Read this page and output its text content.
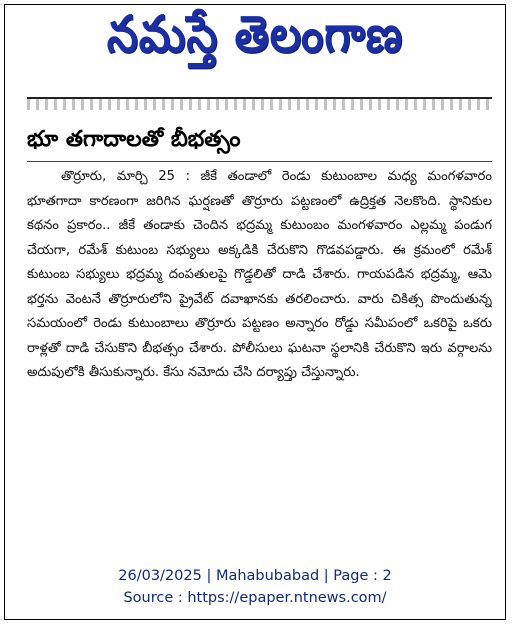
నమస్తే తెలంగాణ
భూ తగాదాలతో బీభత్సం

తొర్రూరు, మార్చి 25 : జీకే తండాలో రెండు కుటుంబాల మధ్య మంగళవారం భూతగాదా కారణంగా జరిగిన ఘర్షణతో తొర్రూరు పట్టణంలో ఉద్రిక్తత నెలకొంది. స్థానికుల కథనం ప్రకారం.. జీకే తండాకు చెందిన భద్రమ్మ కుటుంబం మంగళవారం ఎల్లమ్మ పండుగ చేయగా, రమేశ్ కుటుంబ సభ్యులు అక్కడికి చేరుకొని గొడవపడ్డారు. ఈ క్రమంలో రమేశ్ కుటుంబ సభ్యులు భద్రమ్మ దంపతులపై గొడ్డలితో దాడి చేశారు. గాయపడిన భద్రమ్మ, ఆమె భర్తను వెంటనే తొర్రూరులోని ప్రైవేట్ దవాఖానకు తరలించారు. వారు చికిత్స పొందుతున్న సమయంలో రెండు కుటుంబాలు తొర్రూరు పట్టణం అన్నారం రోడ్డు సమీపంలో ఒకరిపై ఒకరు రాళ్లతో దాడి చేసుకొని బీభత్సం చేశారు. పోలీసులు ఘటనా స్థలానికి చేరుకొని ఇరు వర్గాలను అదుపులోకి తీసుకున్నారు. కేసు నమోదు చేసి దర్యాప్తు చేస్తున్నారు.

26/03/2025 | Mahabubabad | Page : 2
Source : https://epaper.ntnews.com/
